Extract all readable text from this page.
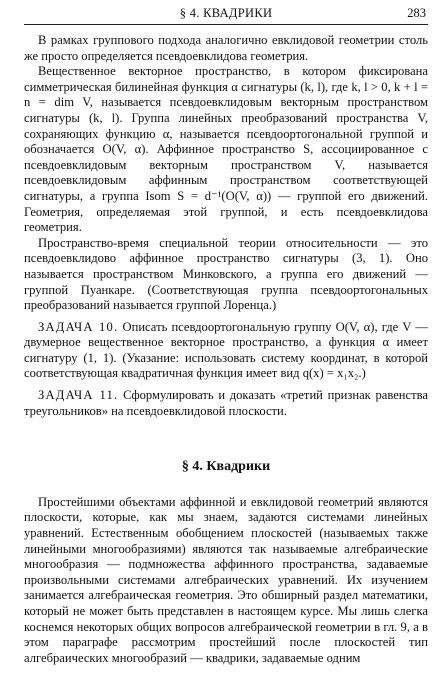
§ 4. КВАДРИКИ	283

В рамках группового подхода аналогично евклидовой геометрии столь же просто определяется псевдоевклидова геометрия.

Вещественное векторное пространство, в котором фиксирована симметрическая билинейная функция α сигнатуры (k, l), где k, l > 0, k + l = n = dim V, называется псевдоевклидовым векторным пространством сигнатуры (k, l). Группа линейных преобразований пространства V, сохраняющих функцию α, называется псевдоортогональной группой и обозначается O(V, α). Аффинное пространство S, ассоциированное с псевдоевклидовым векторным пространством V, называется псевдоевклидовым аффинным пространством соответствующей сигнатуры, а группа Isom S = d⁻¹(O(V, α)) — группой его движений. Геометрия, определяемая этой группой, и есть псевдоевклидова геометрия.

Пространство-время специальной теории относительности — это псевдоевклидово аффинное пространство сигнатуры (3, 1). Оно называется пространством Минковского, а группа его движений — группой Пуанкаре. (Соответствующая группа псевдоортогональных преобразований называется группой Лоренца.)

ЗАДАЧА 10. Описать псевдоортогональную группу O(V, α), где V — двумерное вещественное векторное пространство, а функция α имеет сигнатуру (1, 1). (Указание: использовать систему координат, в которой соответствующая квадратичная функция имеет вид q(x) = x₁x₂.)

ЗАДАЧА 11. Сформулировать и доказать «третий признак равенства треугольников» на псевдоевклидовой плоскости.

§ 4. Квадрики

Простейшими объектами аффинной и евклидовой геометрий являются плоскости, которые, как мы знаем, задаются системами линейных уравнений. Естественным обобщением плоскостей (называемых также линейными многообразиями) являются так называемые алгебраические многообразия — подмножества аффинного пространства, задаваемые произвольными системами алгебраических уравнений. Их изучением занимается алгебраическая геометрия. Это обширный раздел математики, который не может быть представлен в настоящем курсе. Мы лишь слегка коснемся некоторых общих вопросов алгебраической геометрии в гл. 9, а в этом параграфе рассмотрим простейший после плоскостей тип алгебраических многообразий — квадрики, задаваемые одним
